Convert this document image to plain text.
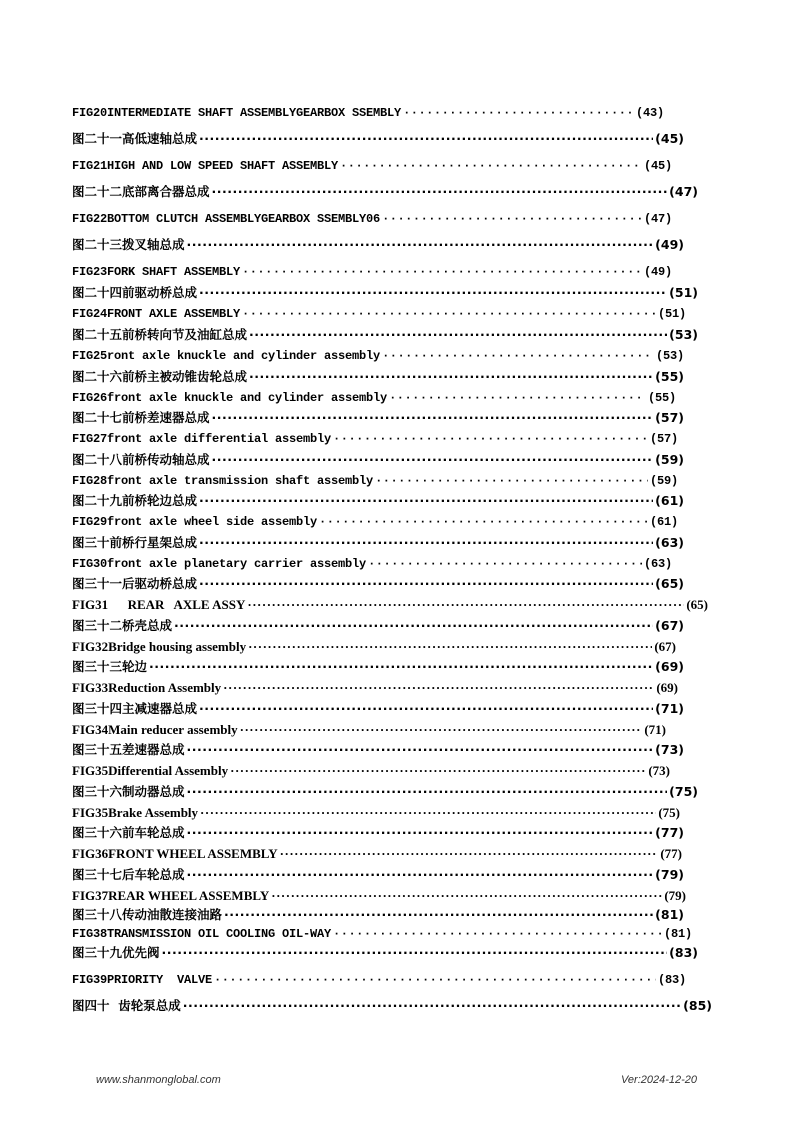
FIG20INTERMEDIATE SHAFT ASSEMBLYGEARBOX SSEMBLY ·····	(43)
图二十一高低速轴总成 ·····	(45)
FIG21HIGH AND LOW SPEED SHAFT ASSEMBLY ·····	(45)
图二十二底部离合器总成 ·····	(47)
FIG22BOTTOM CLUTCH ASSEMBLYGEARBOX SSEMBLY06 ·····	(47)
图二十三拨叉轴总成 ·····	(49)
FIG23FORK SHAFT ASSEMBLY ·····	(49)
图二十四前驱动桥总成 ·····	(51)
FIG24FRONT AXLE ASSEMBLY ·····	(51)
图二十五前桥转向节及油缸总成 ·····	(53)
FIG25ront axle knuckle and cylinder assembly ·····	(53)
图二十六前桥主被动锥齿轮总成 ·····	(55)
FIG26front axle knuckle and cylinder assembly ·····	(55)
图二十七前桥差速器总成 ·····	(57)
FIG27front axle differential assembly ·····	(57)
图二十八前桥传动轴总成 ·····	(59)
FIG28front axle transmission shaft assembly ·····	(59)
图二十九前桥轮边总成 ·····	(61)
FIG29front axle wheel side assembly ·····	(61)
图三十前桥行星架总成 ·····	(63)
FIG30front axle planetary carrier assembly ·····	(63)
图三十一后驱动桥总成 ·····	(65)
FIG31      REAR   AXLE ASSY ·····	(65)
图三十二桥壳总成 ·····	(67)
FIG32Bridge housing assembly ·····	(67)
图三十三轮边 ·····	(69)
FIG33Reduction Assembly ·····	(69)
图三十四主减速器总成 ·····	(71)
FIG34Main reducer assembly ·····	(71)
图三十五差速器总成 ·····	(73)
FIG35Differential Assembly ·····	(73)
图三十六制动器总成 ·····	(75)
FIG35Brake Assembly ·····	(75)
图三十六前车轮总成 ·····	(77)
FIG36FRONT WHEEL ASSEMBLY ·····	(77)
图三十七后车轮总成 ·····	(79)
FIG37REAR WHEEL ASSEMBLY ·····	(79)
图三十八传动油散连接油路 ·····	(81)
FIG38TRANSMISSION OIL COOLING OIL-WAY ·····	(81)
图三十九优先阀 ·····	(83)
FIG39PRIORITY  VALVE ·····	(83)
图四十  齿轮泵总成 ·····	(85)
www.shanmonglobal.com	Ver:2024-12-20
